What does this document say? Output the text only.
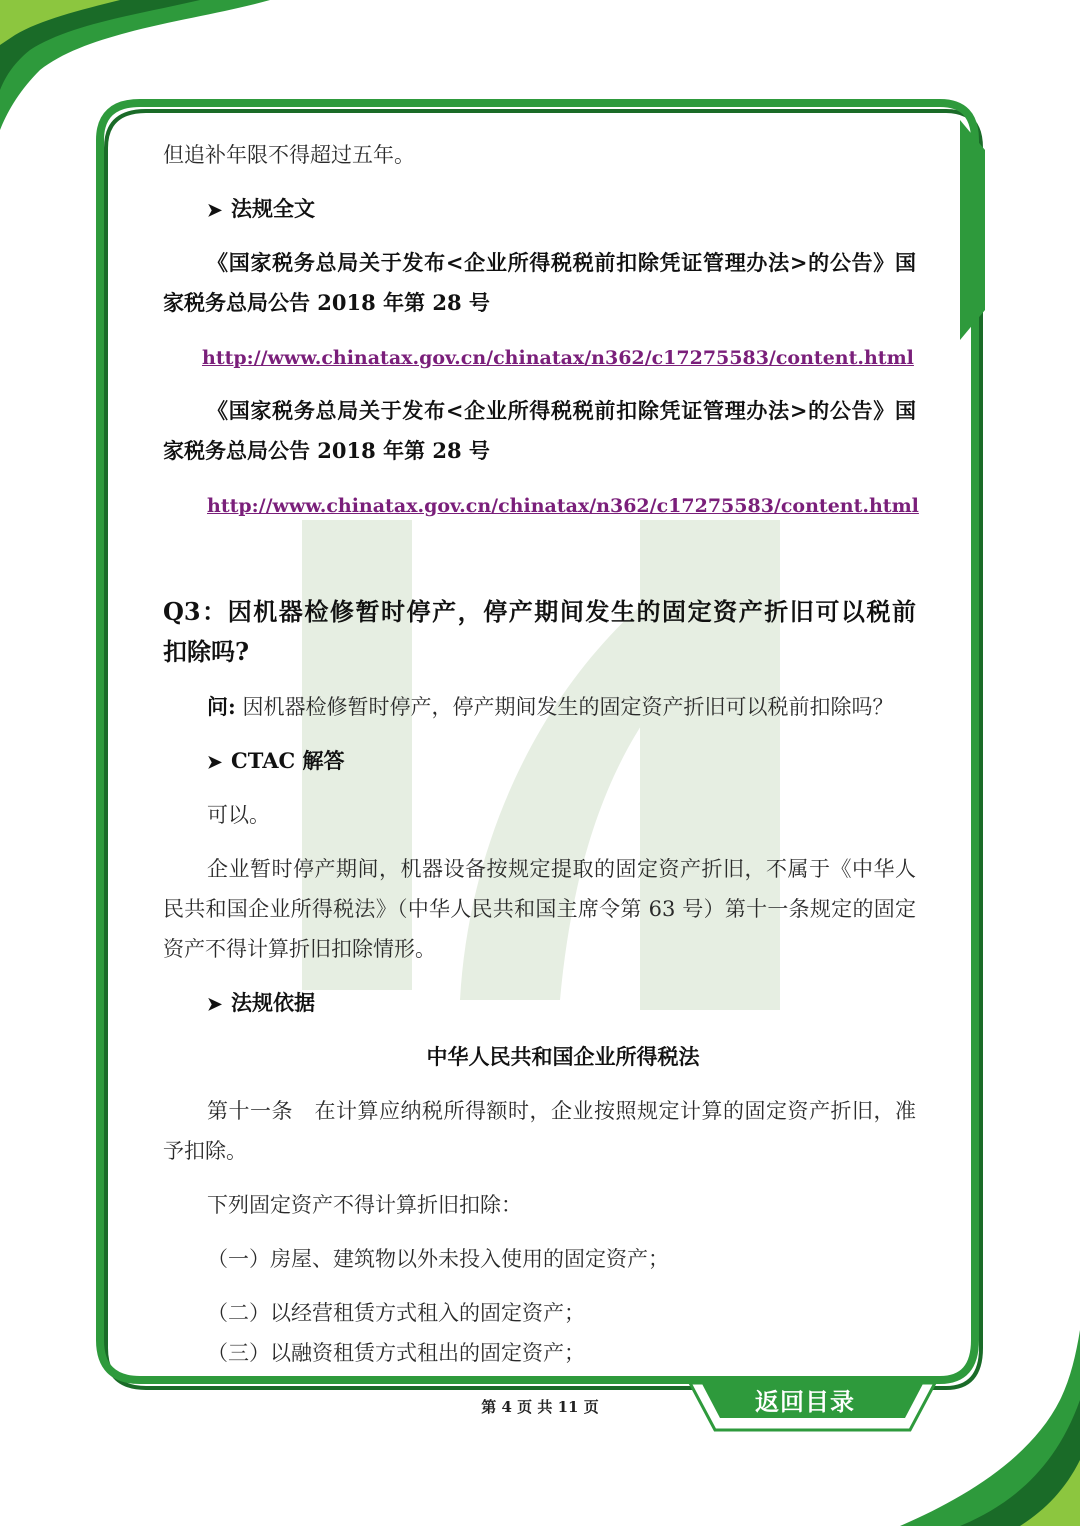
但追补年限不得超过五年。
➤ 法规全文
《国家税务总局关于发布<企业所得税税前扣除凭证管理办法>的公告》国
家税务总局公告 2018 年第 28 号
http://www.chinatax.gov.cn/chinatax/n362/c17275583/content.html
《国家税务总局关于发布<企业所得税税前扣除凭证管理办法>的公告》国
家税务总局公告 2018 年第 28 号
http://www.chinatax.gov.cn/chinatax/n362/c17275583/content.html
Q3：因机器检修暂时停产，停产期间发生的固定资产折旧可以税前
扣除吗?
问: 因机器检修暂时停产，停产期间发生的固定资产折旧可以税前扣除吗？
➤ CTAC 解答
可以。
企业暂时停产期间，机器设备按规定提取的固定资产折旧，不属于《中华人
民共和国企业所得税法》（中华人民共和国主席令第 63 号）第十一条规定的固定
资产不得计算折旧扣除情形。
➤ 法规依据
中华人民共和国企业所得税法
第十一条　在计算应纳税所得额时，企业按照规定计算的固定资产折旧，准
予扣除。
下列固定资产不得计算折旧扣除：
（一）房屋、建筑物以外未投入使用的固定资产；
（二）以经营租赁方式租入的固定资产；
（三）以融资租赁方式租出的固定资产；
第 4 页 共 11 页	返回目录
